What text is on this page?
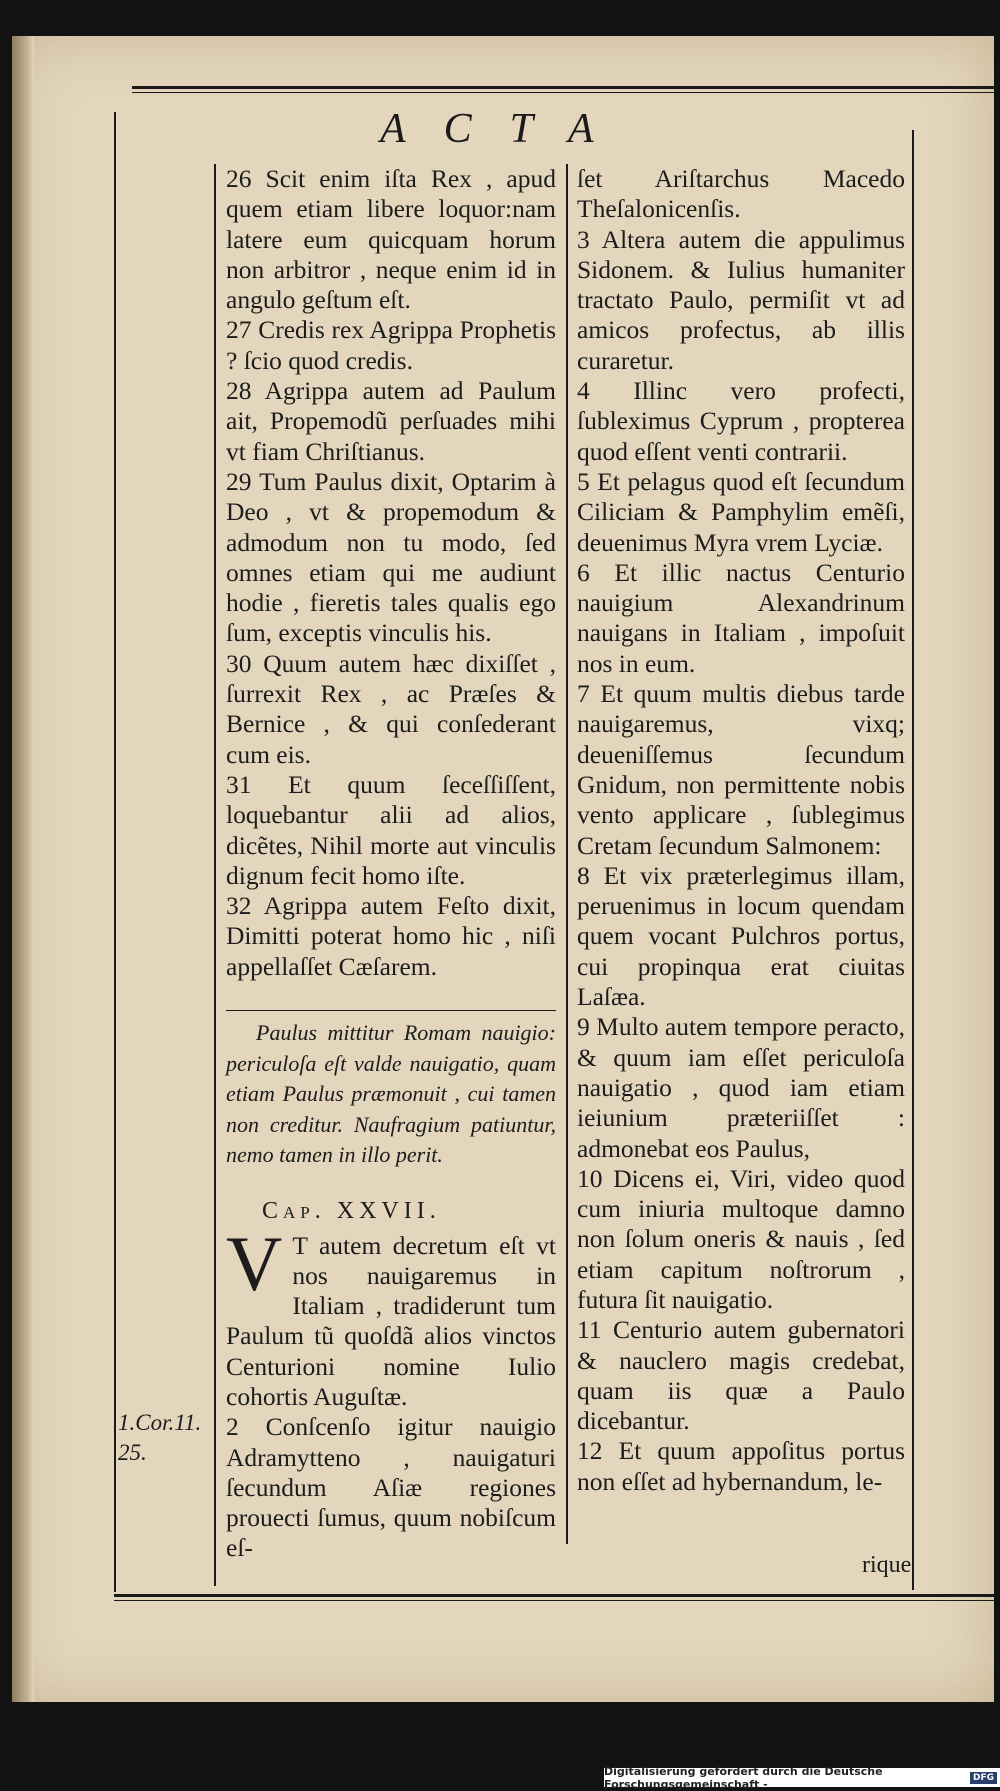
ACTA
26 Scit enim iſta Rex , apud quem etiam libere loquor:nam latere eum quicquam horum non arbitror , neque enim id in angulo geſtum eſt.
27 Credis rex Agrippa Prophetis ? ſcio quod credis.
28 Agrippa autem ad Paulum ait, Propemodũ perſuades mihi vt fiam Chriſtianus.
29 Tum Paulus dixit, Optarim à Deo , vt & propemodum & admodum non tu modo, ſed omnes etiam qui me audiunt hodie , fieretis tales qualis ego ſum, exceptis vinculis his.
30 Quum autem hæc dixiſſet , ſurrexit Rex , ac Præſes & Bernice , & qui conſederant cum eis.
31 Et quum ſeceſſiſſent, loquebantur alii ad alios, dicẽtes, Nihil morte aut vinculis dignum fecit homo iſte.
32 Agrippa autem Feſto dixit, Dimitti poterat homo hic , niſi appellaſſet Cæſarem.
Paulus mittitur Romam nauigio: periculoſa eſt valde nauigatio, quam etiam Paulus præmonuit , cui tamen non creditur. Naufragium patiuntur, nemo tamen in illo perit.
Cap. XXVII.
V T autem decretum eſt vt nos nauigaremus in Italiam , tradiderunt tum Paulum tũ quoſdã alios vinctos Centurioni nomine Iulio cohortis Auguſtæ.
2 Conſcenſo igitur nauigio Adramytteno , nauigaturi ſecundum Aſiæ regiones prouecti ſumus, quum nobiſcum eſ-
ſet Ariſtarchus Macedo Theſalonicenſis.
3 Altera autem die appulimus Sidonem. & Iulius humaniter tractato Paulo, permiſit vt ad amicos profectus, ab illis curaretur.
4 Illinc vero profecti, ſubleximus Cyprum , propterea quod eſſent venti contrarii.
5 Et pelagus quod eſt ſecundum Ciliciam & Pamphylim emẽſi, deuenimus Myra vrem Lyciæ.
6 Et illic nactus Centurio nauigium Alexandrinum nauigans in Italiam , impoſuit nos in eum.
7 Et quum multis diebus tarde nauigaremus, vixq; deueniſſemus ſecundum Gnidum, non permittente nobis vento applicare , ſublegimus Cretam ſecundum Salmonem:
8 Et vix præterlegimus illam, peruenimus in locum quendam quem vocant Pulchros portus, cui propinqua erat ciuitas Laſæa.
9 Multo autem tempore peracto, & quum iam eſſet periculoſa nauigatio , quod iam etiam ieiunium præteriiſſet : admonebat eos Paulus,
10 Dicens ei, Viri, video quod cum iniuria multoque damno non ſolum oneris & nauis , ſed etiam capitum noſtrorum , futura ſit nauigatio.
11 Centurio autem gubernatori & nauclero magis credebat, quam iis quæ a Paulo dicebantur.
12 Et quum appoſitus portus non eſſet ad hybernandum, le-
1.Cor.11.
25.
rique
Digitalisierung gefördert durch die Deutsche Forschungsgemeinschaft -	DFG
